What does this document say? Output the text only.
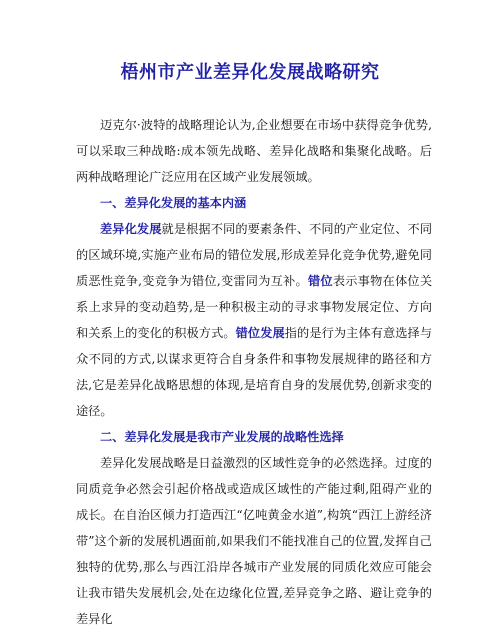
梧州市产业差异化发展战略研究

迈克尔·波特的战略理论认为,企业想要在市场中获得竞争优势,可以采取三种战略:成本领先战略、差异化战略和集聚化战略。后两种战略理论广泛应用在区域产业发展领域。

一、差异化发展的基本内涵

差异化发展就是根据不同的要素条件、不同的产业定位、不同的区域环境,实施产业布局的错位发展,形成差异化竞争优势,避免同质恶性竞争,变竞争为错位,变雷同为互补。错位表示事物在体位关系上求异的变动趋势,是一种积极主动的寻求事物发展定位、方向和关系上的变化的积极方式。错位发展指的是行为主体有意选择与众不同的方式,以谋求更符合自身条件和事物发展规律的路径和方法,它是差异化战略思想的体现,是培育自身的发展优势,创新求变的途径。

二、差异化发展是我市产业发展的战略性选择

差异化发展战略是日益激烈的区域性竞争的必然选择。过度的同质竞争必然会引起价格战或造成区域性的产能过剩,阻碍产业的成长。在自治区倾力打造西江“亿吨黄金水道”,构筑“西江上游经济带”这个新的发展机遇面前,如果我们不能找准自己的位置,发挥自己独特的优势,那么与西江沿岸各城市产业发展的同质化效应可能会让我市错失发展机会,处在边缘化位置,差异竞争之路、避让竞争的差异化
